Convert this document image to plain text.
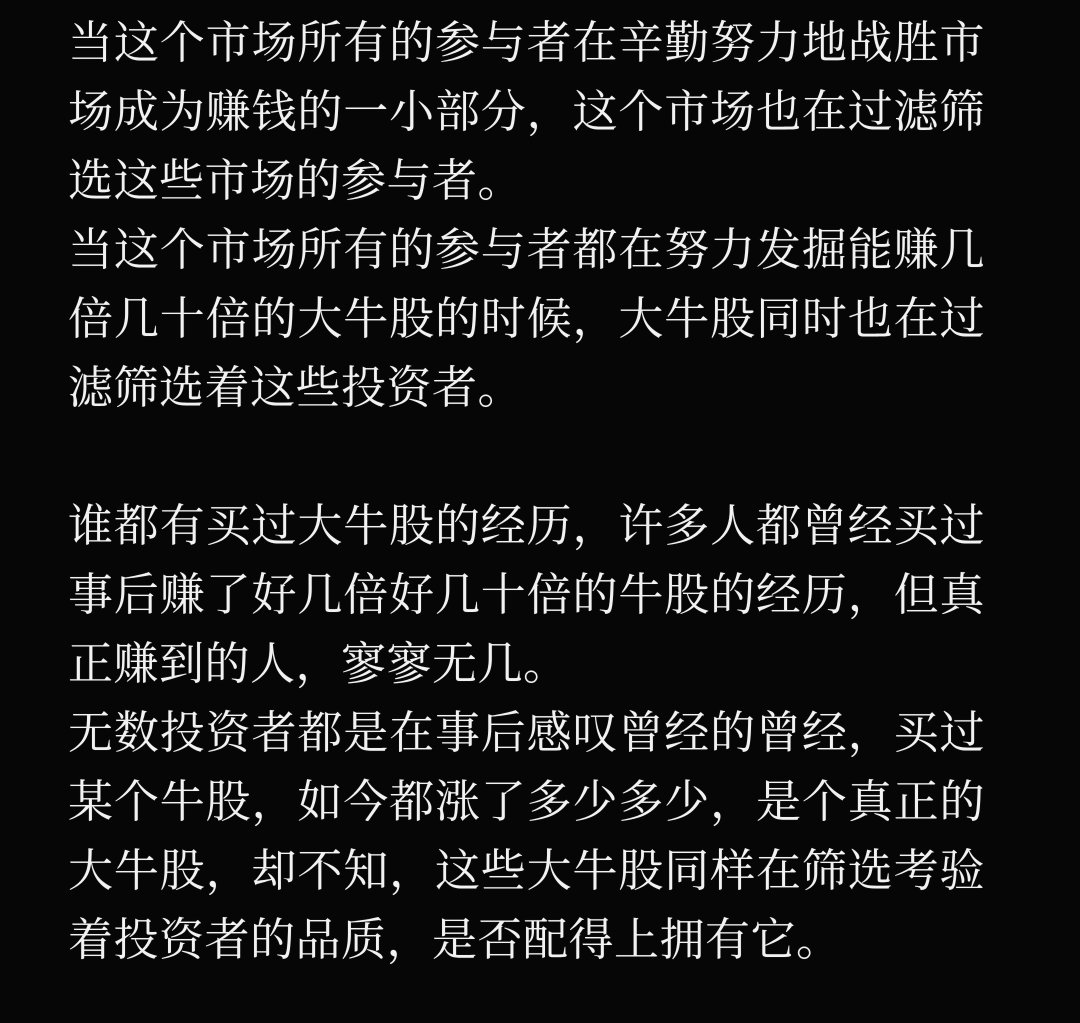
当这个市场所有的参与者在辛勤努力地战胜市场成为赚钱的一小部分，这个市场也在过滤筛选这些市场的参与者。

当这个市场所有的参与者都在努力发掘能赚几倍几十倍的大牛股的时候，大牛股同时也在过滤筛选着这些投资者。

谁都有买过大牛股的经历，许多人都曾经买过事后赚了好几倍好几十倍的牛股的经历，但真正赚到的人，寥寥无几。

无数投资者都是在事后感叹曾经的曾经，买过某个牛股，如今都涨了多少多少，是个真正的大牛股，却不知，这些大牛股同样在筛选考验着投资者的品质，是否配得上拥有它。
